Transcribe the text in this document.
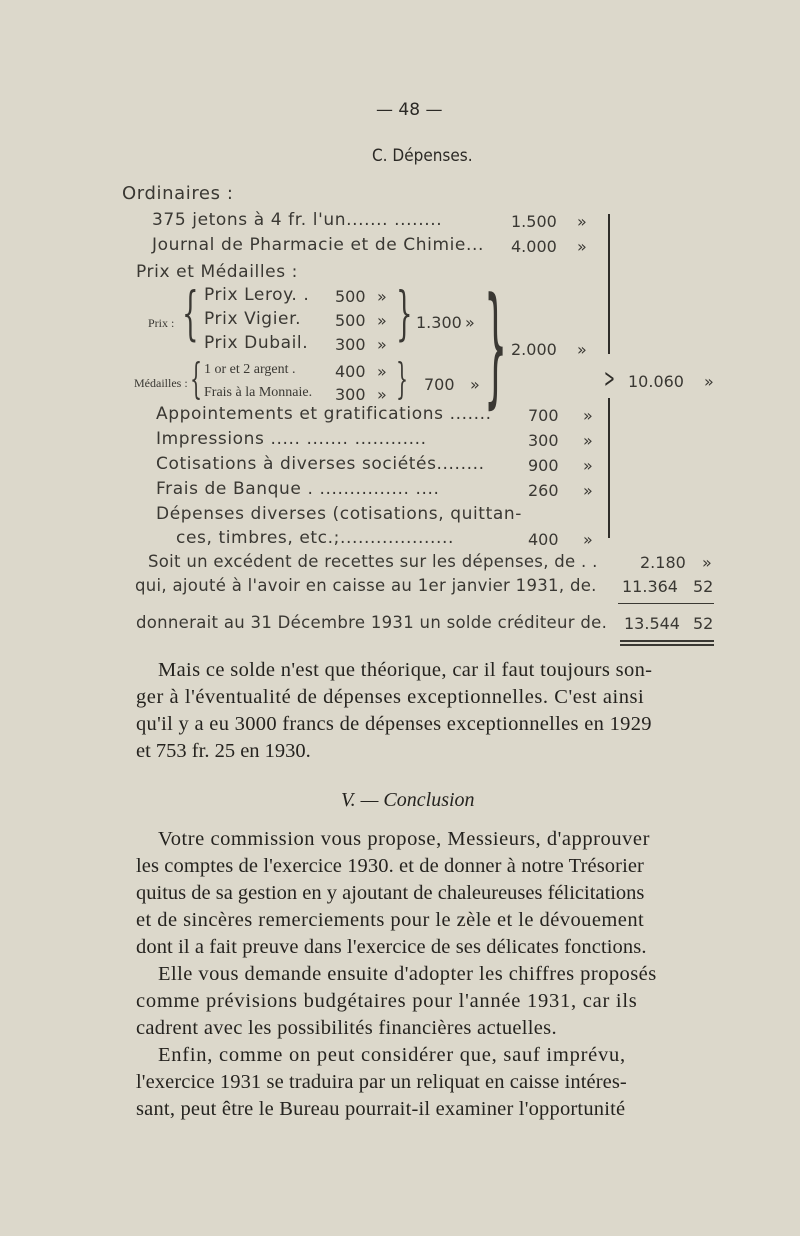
— 48 —
C. Dépenses.
Ordinaires :
375 jetons à 4 fr. l'un....... ........	1.500 »
Journal de Pharmacie et de Chimie... 4.000 »
Prix et Médailles :
Prix : { Prix Leroy. . 500 »
Prix Vigier. 500 »
Prix Dubail. 300 » } 1.300 »
Médailles : { 1 or et 2 argent . 400 »
Frais à la Monnaie. 300 » } 700 » } 2.000 »
Appointements et gratifications ....... 700 »
Impressions ..... ....... ............	300 »
Cotisations à diverses sociétés........	900 »
Frais de Banque . ............... ....	260 »
Dépenses diverses (cotisations, quittan-
ces, timbres, etc.;...................	400 »
> 10.060 »
Soit un excédent de recettes sur les dépenses, de . .	2.180 »
qui, ajouté à l'avoir en caisse au 1er janvier 1931, de. 11.364 52
donnerait au 31 Décembre 1931 un solde créditeur de. 13.544 52
Mais ce solde n'est que théorique, car il faut toujours son-
ger à l'éventualité de dépenses exceptionnelles. C'est ainsi
qu'il y a eu 3000 francs de dépenses exceptionnelles en 1929
et 753 fr. 25 en 1930.
V. — Conclusion
Votre commission vous propose, Messieurs, d'approuver
les comptes de l'exercice 1930. et de donner à notre Trésorier
quitus de sa gestion en y ajoutant de chaleureuses félicitations
et de sincères remerciements pour le zèle et le dévouement
dont il a fait preuve dans l'exercice de ses délicates fonctions.
Elle vous demande ensuite d'adopter les chiffres proposés
comme prévisions budgétaires pour l'année 1931, car ils
cadrent avec les possibilités financières actuelles.
Enfin, comme on peut considérer que, sauf imprévu,
l'exercice 1931 se traduira par un reliquat en caisse intéres-
sant, peut être le Bureau pourrait-il examiner l'opportunité
